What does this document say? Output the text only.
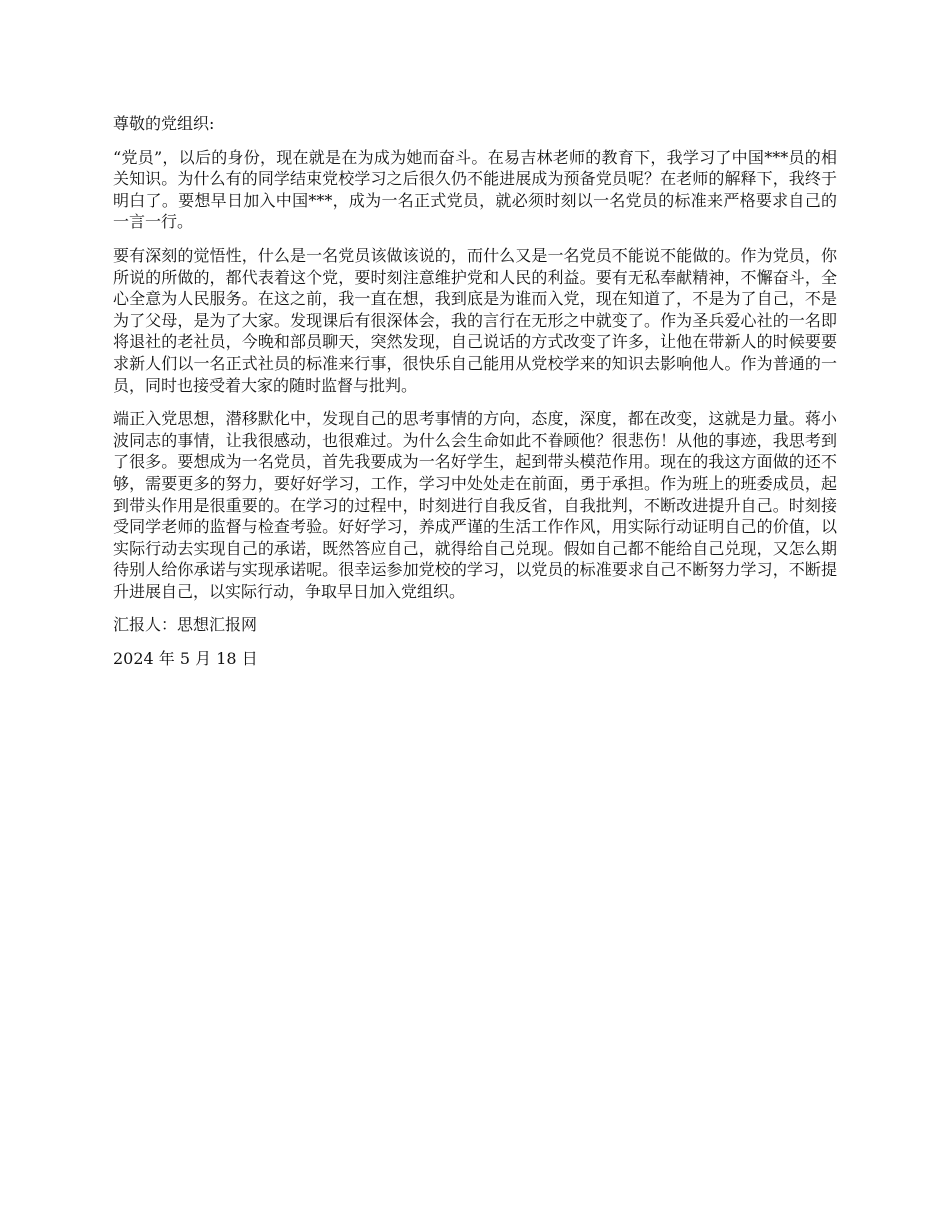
尊敬的党组织:

“党员”，以后的身份，现在就是在为成为她而奋斗。在易吉林老师的教育下，我学习了中国***员的相关知识。为什么有的同学结束党校学习之后很久仍不能进展成为预备党员呢？在老师的解释下，我终于明白了。要想早日加入中国***，成为一名正式党员，就必须时刻以一名党员的标准来严格要求自己的一言一行。

要有深刻的觉悟性，什么是一名党员该做该说的，而什么又是一名党员不能说不能做的。作为党员，你所说的所做的，都代表着这个党，要时刻注意维护党和人民的利益。要有无私奉献精神，不懈奋斗，全心全意为人民服务。在这之前，我一直在想，我到底是为谁而入党，现在知道了，不是为了自己，不是为了父母，是为了大家。发现课后有很深体会，我的言行在无形之中就变了。作为圣兵爱心社的一名即将退社的老社员，今晚和部员聊天，突然发现，自己说话的方式改变了许多，让他在带新人的时候要要求新人们以一名正式社员的标准来行事，很快乐自己能用从党校学来的知识去影响他人。作为普通的一员，同时也接受着大家的随时监督与批判。

端正入党思想，潜移默化中，发现自己的思考事情的方向，态度，深度，都在改变，这就是力量。蒋小波同志的事情，让我很感动，也很难过。为什么会生命如此不眷顾他？很悲伤！从他的事迹，我思考到了很多。要想成为一名党员，首先我要成为一名好学生，起到带头模范作用。现在的我这方面做的还不够，需要更多的努力，要好好学习，工作，学习中处处走在前面，勇于承担。作为班上的班委成员，起到带头作用是很重要的。在学习的过程中，时刻进行自我反省，自我批判，不断改进提升自己。时刻接受同学老师的监督与检查考验。好好学习，养成严谨的生活工作作风，用实际行动证明自己的价值，以实际行动去实现自己的承诺，既然答应自己，就得给自己兑现。假如自己都不能给自己兑现，又怎么期待别人给你承诺与实现承诺呢。很幸运参加党校的学习，以党员的标准要求自己不断努力学习，不断提升进展自己，以实际行动，争取早日加入党组织。

汇报人：思想汇报网

2024 年 5 月 18 日
